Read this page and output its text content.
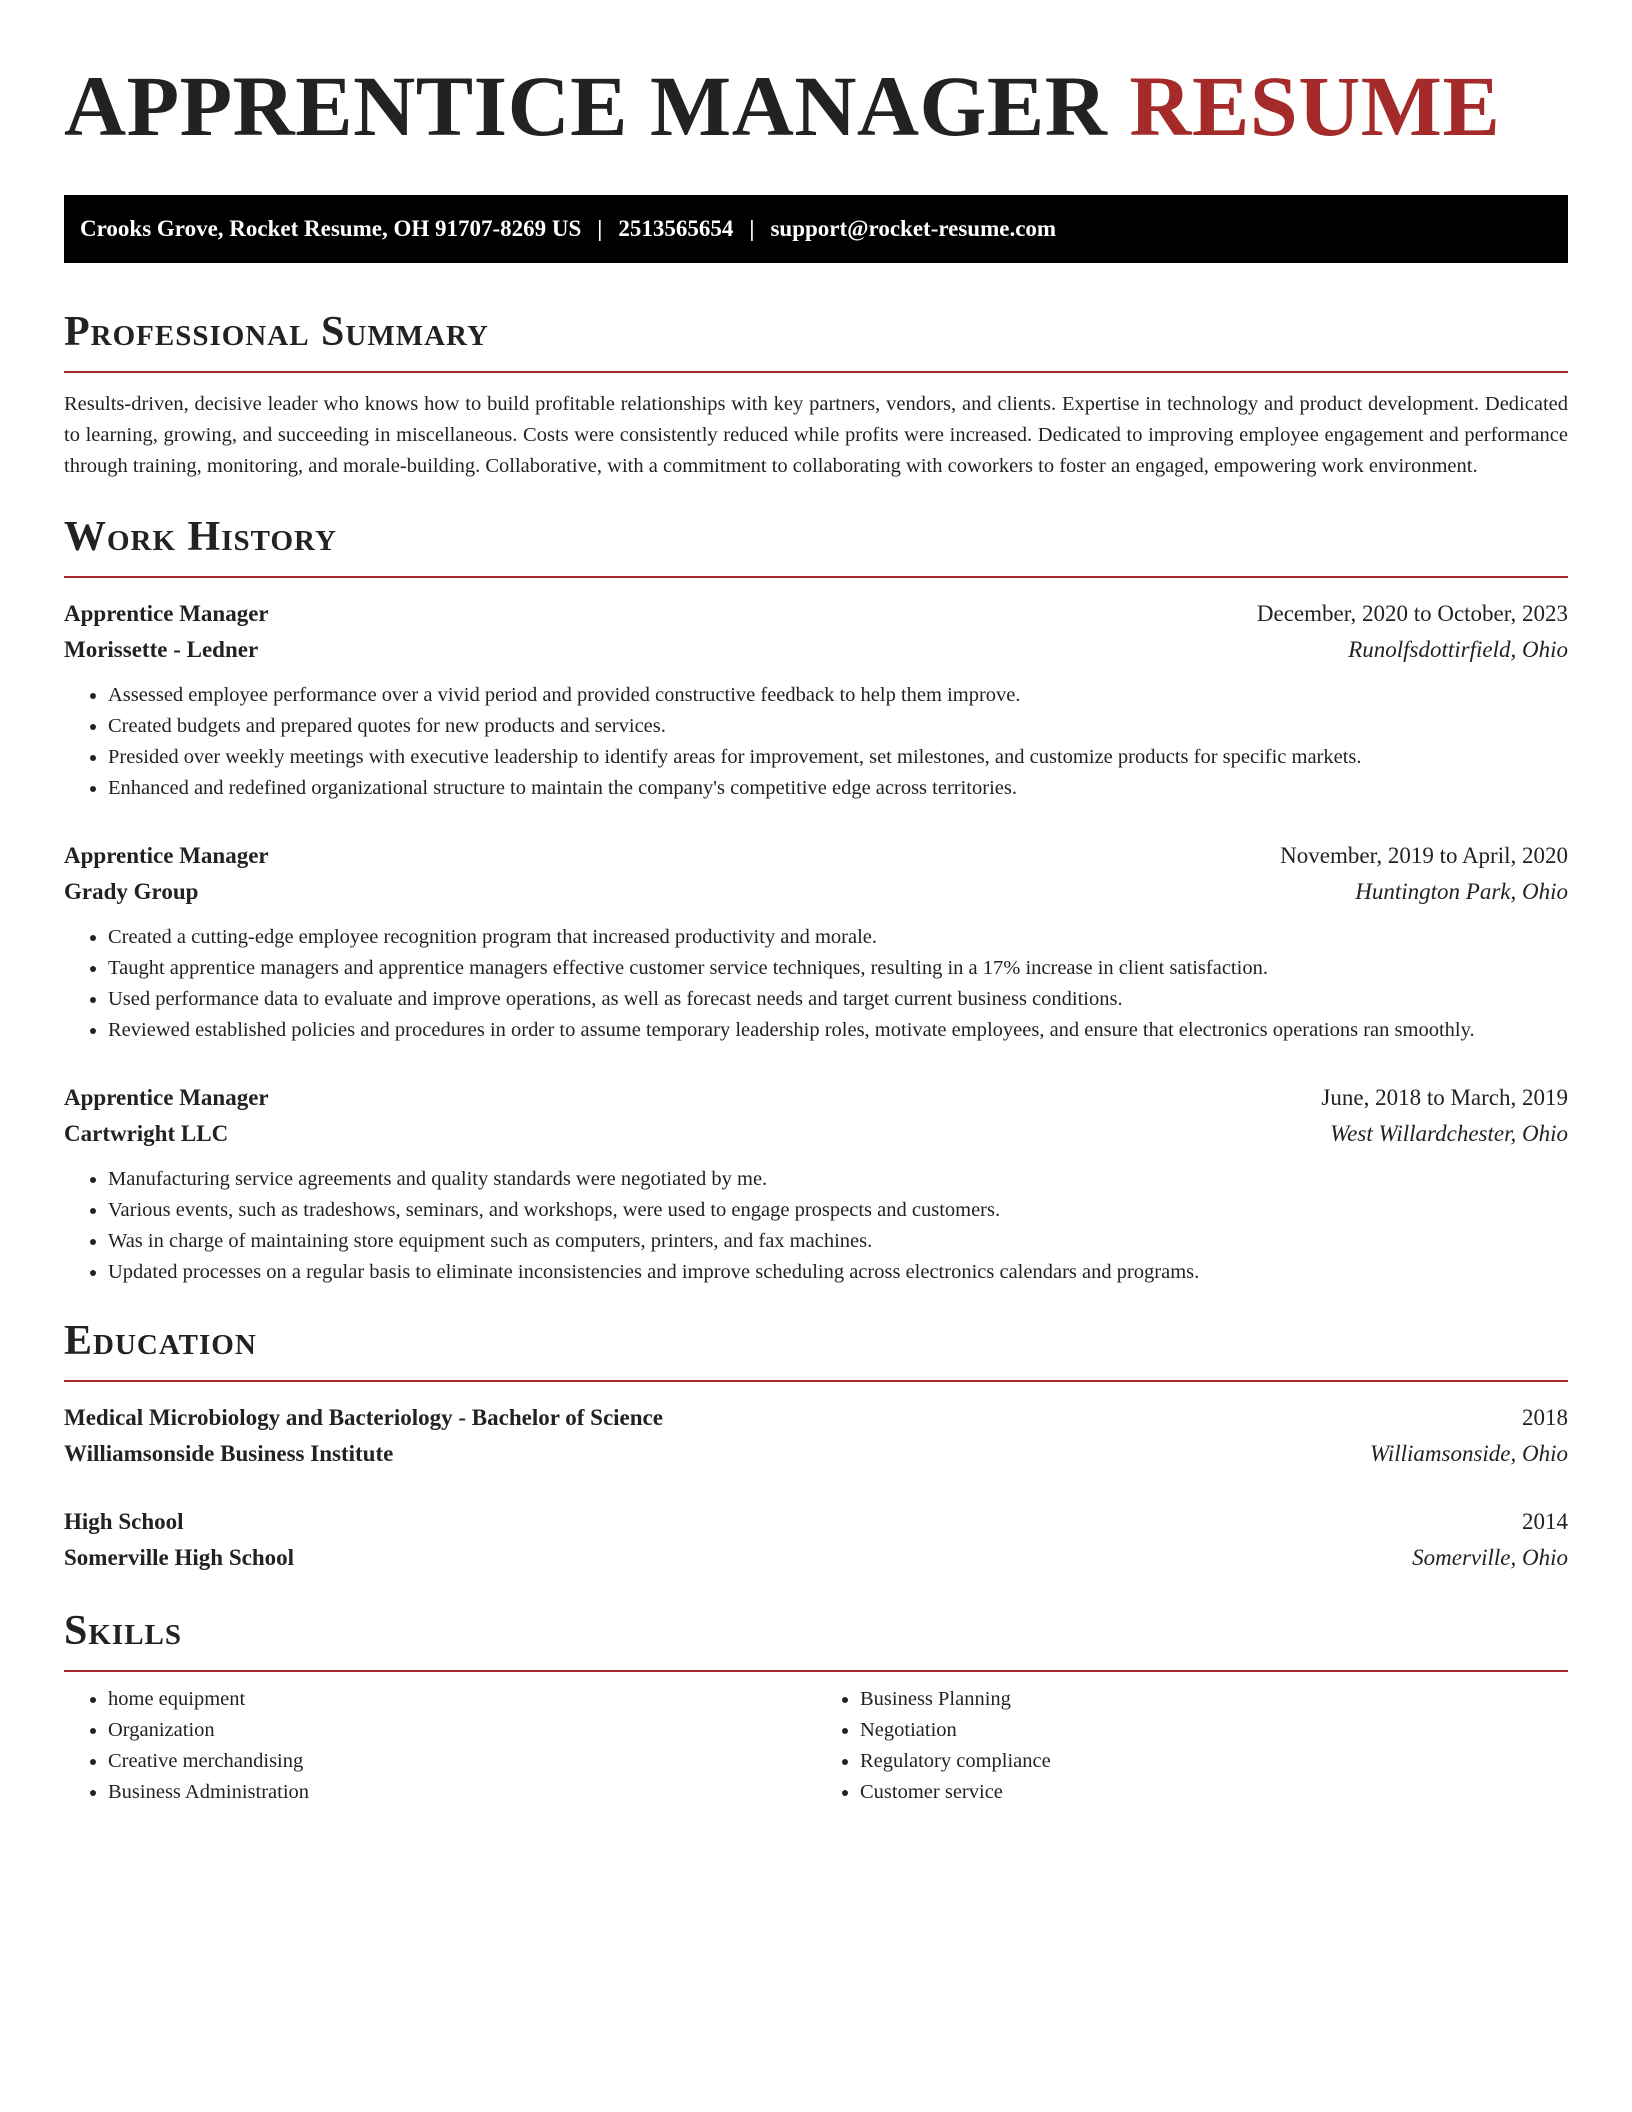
APPRENTICE MANAGER RESUME
Crooks Grove, Rocket Resume, OH 91707-8269 US | 2513565654 | support@rocket-resume.com
Professional Summary
Results-driven, decisive leader who knows how to build profitable relationships with key partners, vendors, and clients. Expertise in technology and product development. Dedicated to learning, growing, and succeeding in miscellaneous. Costs were consistently reduced while profits were increased. Dedicated to improving employee engagement and performance through training, monitoring, and morale-building. Collaborative, with a commitment to collaborating with coworkers to foster an engaged, empowering work environment.
Work History
Apprentice Manager	December, 2020 to October, 2023
Morissette - Ledner	Runolfsdottirfield, Ohio
• Assessed employee performance over a vivid period and provided constructive feedback to help them improve.
• Created budgets and prepared quotes for new products and services.
• Presided over weekly meetings with executive leadership to identify areas for improvement, set milestones, and customize products for specific markets.
• Enhanced and redefined organizational structure to maintain the company's competitive edge across territories.
Apprentice Manager	November, 2019 to April, 2020
Grady Group	Huntington Park, Ohio
• Created a cutting-edge employee recognition program that increased productivity and morale.
• Taught apprentice managers and apprentice managers effective customer service techniques, resulting in a 17% increase in client satisfaction.
• Used performance data to evaluate and improve operations, as well as forecast needs and target current business conditions.
• Reviewed established policies and procedures in order to assume temporary leadership roles, motivate employees, and ensure that electronics operations ran smoothly.
Apprentice Manager	June, 2018 to March, 2019
Cartwright LLC	West Willardchester, Ohio
• Manufacturing service agreements and quality standards were negotiated by me.
• Various events, such as tradeshows, seminars, and workshops, were used to engage prospects and customers.
• Was in charge of maintaining store equipment such as computers, printers, and fax machines.
• Updated processes on a regular basis to eliminate inconsistencies and improve scheduling across electronics calendars and programs.
Education
Medical Microbiology and Bacteriology - Bachelor of Science	2018
Williamsonside Business Institute	Williamsonside, Ohio
High School	2014
Somerville High School	Somerville, Ohio
Skills
• home equipment
• Organization
• Creative merchandising
• Business Administration
• Business Planning
• Negotiation
• Regulatory compliance
• Customer service
